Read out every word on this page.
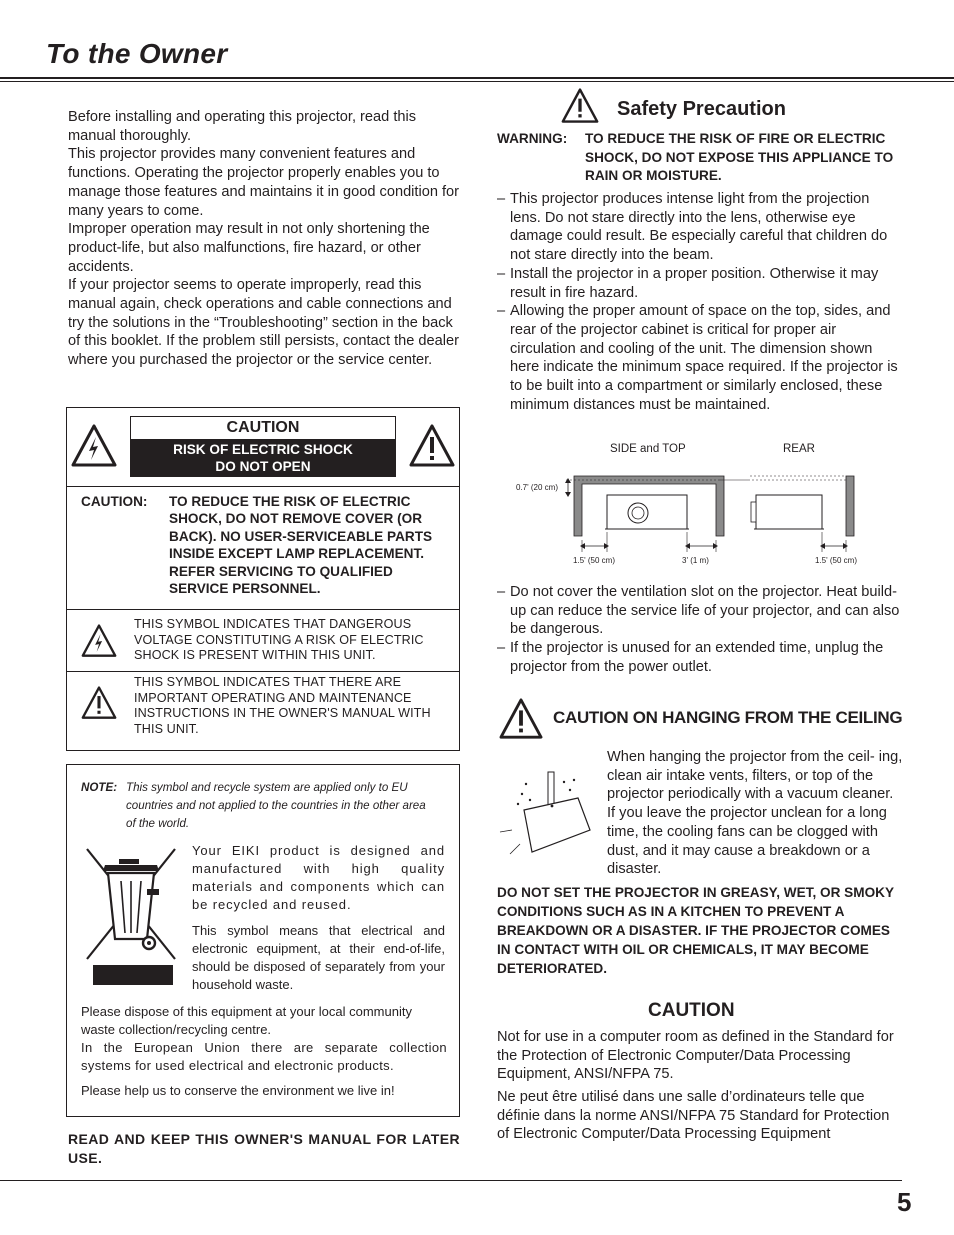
To the Owner
Before installing and operating this projector, read this manual thoroughly.
This projector provides many convenient features and functions. Operating the projector properly enables you to manage those features and maintains it in good condition for many years to come.
Improper operation may result in not only shortening the product-life, but also malfunctions, fire hazard, or other accidents.
If your projector seems to operate improperly, read this manual again, check operations and cable connections and try the solutions in the “Troubleshooting” section in the back of this booklet. If the problem still persists, contact the dealer where you purchased the projector or the service center.
CAUTION
RISK OF ELECTRIC SHOCK
DO NOT OPEN
CAUTION: TO REDUCE THE RISK OF ELECTRIC SHOCK, DO NOT REMOVE COVER (OR BACK). NO USER-SERVICEABLE PARTS INSIDE EXCEPT LAMP REPLACEMENT. REFER SERVICING TO QUALIFIED SERVICE PERSONNEL.
THIS SYMBOL INDICATES THAT DANGEROUS VOLTAGE CONSTITUTING A RISK OF ELECTRIC SHOCK IS PRESENT WITHIN THIS UNIT.
THIS SYMBOL INDICATES THAT THERE ARE IMPORTANT OPERATING AND MAINTENANCE INSTRUCTIONS IN THE OWNER'S MANUAL WITH THIS UNIT.
NOTE: This symbol and recycle system are applied only to EU countries and not applied to the countries in the other area of the world.
Your EIKI product is designed and manufactured with high quality materials and components which can be recycled and reused.
This symbol means that electrical and electronic equipment, at their end-of-life, should be disposed of separately from your household waste.
Please dispose of this equipment at your local community waste collection/recycling centre.
In the European Union there are separate collection systems for used electrical and electronic products.
Please help us to conserve the environment we live in!
READ AND KEEP THIS OWNER'S MANUAL FOR LATER USE.
Safety Precaution
WARNING: TO REDUCE THE RISK OF FIRE OR ELECTRIC SHOCK, DO NOT EXPOSE THIS APPLIANCE TO RAIN OR MOISTURE.
– This projector produces intense light from the projection lens. Do not stare directly into the lens, otherwise eye damage could result. Be especially careful that children do not stare directly into the beam.
– Install the projector in a proper position. Otherwise it may result in fire hazard.
– Allowing the proper amount of space on the top, sides, and rear of the projector cabinet is critical for proper air circulation and cooling of the unit. The dimension shown here indicate the minimum space required. If the projector is to be built into a compartment or similarly enclosed, these minimum distances must be maintained.
SIDE and TOP	REAR
0.7' (20 cm)
1.5' (50 cm)	3' (1 m)	1.5' (50 cm)
– Do not cover the ventilation slot on the projector. Heat build-up can reduce the service life of your projector, and can also be dangerous.
– If the projector is unused for an extended time, unplug the projector from the power outlet.
CAUTION ON HANGING FROM THE CEILING
When hanging the projector from the ceil- ing, clean air intake vents, filters, or top of the projector periodically with a vacuum cleaner. If you leave the projector unclean for a long time, the cooling fans can be clogged with dust, and it may cause a breakdown or a disaster.
DO NOT SET THE PROJECTOR IN GREASY, WET, OR SMOKY CONDITIONS SUCH AS IN A KITCHEN TO PREVENT A BREAKDOWN OR A DISASTER. IF THE PROJECTOR COMES IN CONTACT WITH OIL OR CHEMICALS, IT MAY BECOME DETERIORATED.
CAUTION
Not for use in a computer room as defined in the Standard for the Protection of Electronic Computer/Data Processing Equipment, ANSI/NFPA 75.
Ne peut être utilisé dans une salle d’ordinateurs telle que définie dans la norme ANSI/NFPA 75 Standard for Protection of Electronic Computer/Data Processing Equipment
5
